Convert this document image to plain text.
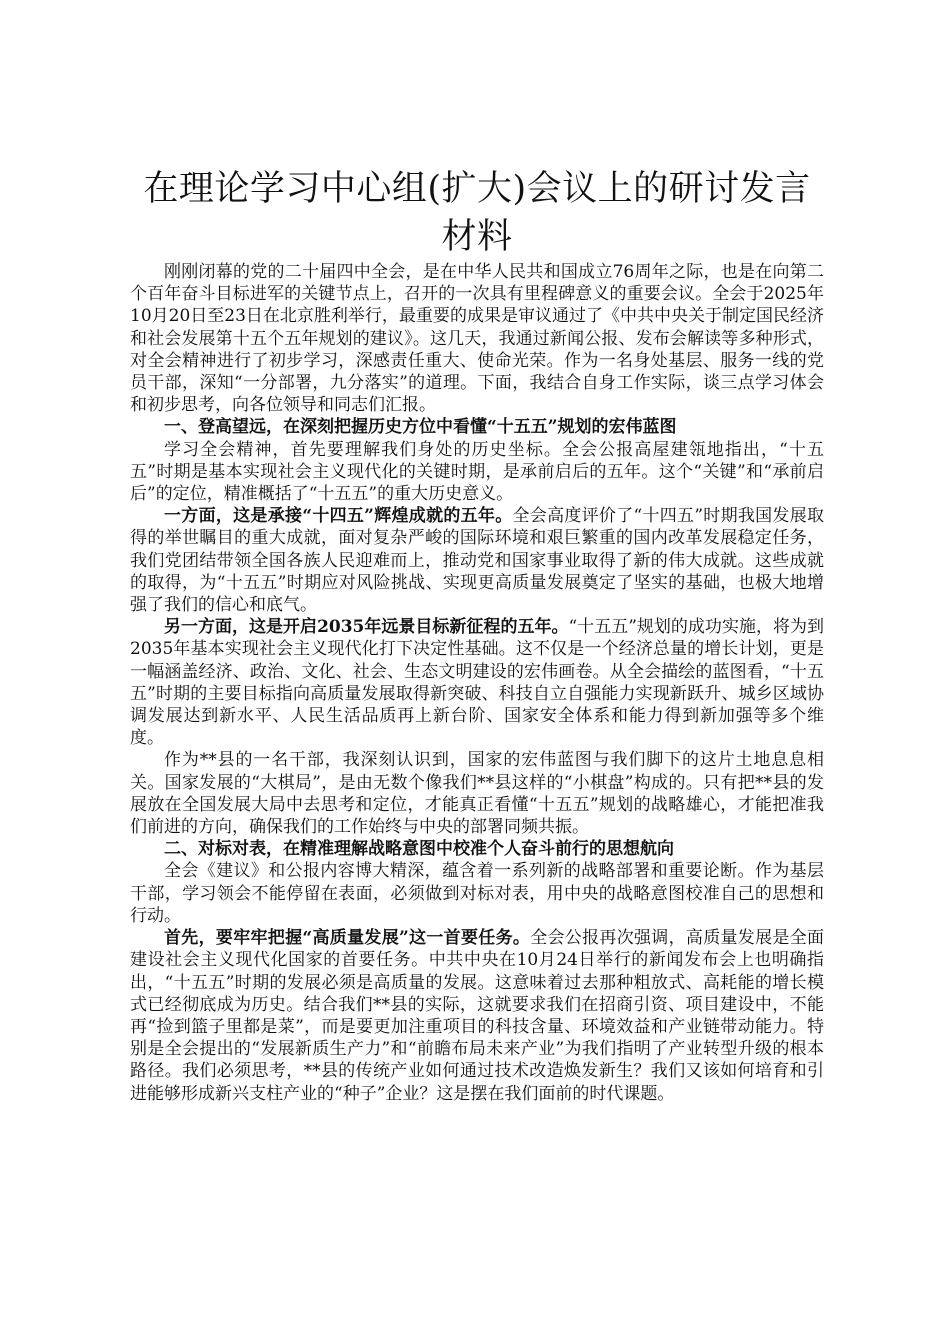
在理论学习中心组(扩大)会议上的研讨发言材料

刚刚闭幕的党的二十届四中全会，是在中华人民共和国成立76周年之际，也是在向第二个百年奋斗目标进军的关键节点上，召开的一次具有里程碑意义的重要会议。全会于2025年10月20日至23日在北京胜利举行，最重要的成果是审议通过了《中共中央关于制定国民经济和社会发展第十五个五年规划的建议》。这几天，我通过新闻公报、发布会解读等多种形式，对全会精神进行了初步学习，深感责任重大、使命光荣。作为一名身处基层、服务一线的党员干部，深知“一分部署，九分落实”的道理。下面，我结合自身工作实际，谈三点学习体会和初步思考，向各位领导和同志们汇报。

一、登高望远，在深刻把握历史方位中看懂“十五五”规划的宏伟蓝图

学习全会精神，首先要理解我们身处的历史坐标。全会公报高屋建瓴地指出，“十五五”时期是基本实现社会主义现代化的关键时期，是承前启后的五年。这个“关键”和“承前启后”的定位，精准概括了“十五五”的重大历史意义。

一方面，这是承接“十四五”辉煌成就的五年。全会高度评价了“十四五”时期我国发展取得的举世瞩目的重大成就，面对复杂严峻的国际环境和艰巨繁重的国内改革发展稳定任务，我们党团结带领全国各族人民迎难而上，推动党和国家事业取得了新的伟大成就。这些成就的取得，为“十五五”时期应对风险挑战、实现更高质量发展奠定了坚实的基础，也极大地增强了我们的信心和底气。

另一方面，这是开启2035年远景目标新征程的五年。“十五五”规划的成功实施，将为到2035年基本实现社会主义现代化打下决定性基础。这不仅是一个经济总量的增长计划，更是一幅涵盖经济、政治、文化、社会、生态文明建设的宏伟画卷。从全会描绘的蓝图看，“十五五”时期的主要目标指向高质量发展取得新突破、科技自立自强能力实现新跃升、城乡区域协调发展达到新水平、人民生活品质再上新台阶、国家安全体系和能力得到新加强等多个维度。

作为**县的一名干部，我深刻认识到，国家的宏伟蓝图与我们脚下的这片土地息息相关。国家发展的“大棋局”，是由无数个像我们**县这样的“小棋盘”构成的。只有把**县的发展放在全国发展大局中去思考和定位，才能真正看懂“十五五”规划的战略雄心，才能把准我们前进的方向，确保我们的工作始终与中央的部署同频共振。

二、对标对表，在精准理解战略意图中校准个人奋斗前行的思想航向

全会《建议》和公报内容博大精深，蕴含着一系列新的战略部署和重要论断。作为基层干部，学习领会不能停留在表面，必须做到对标对表，用中央的战略意图校准自己的思想和行动。

首先，要牢牢把握“高质量发展”这一首要任务。全会公报再次强调，高质量发展是全面建设社会主义现代化国家的首要任务。中共中央在10月24日举行的新闻发布会上也明确指出，“十五五”时期的发展必须是高质量的发展。这意味着过去那种粗放式、高耗能的增长模式已经彻底成为历史。结合我们**县的实际，这就要求我们在招商引资、项目建设中，不能再“捡到篮子里都是菜”，而是要更加注重项目的科技含量、环境效益和产业链带动能力。特别是全会提出的“发展新质生产力”和“前瞻布局未来产业”为我们指明了产业转型升级的根本路径。我们必须思考，**县的传统产业如何通过技术改造焕发新生？我们又该如何培育和引进能够形成新兴支柱产业的“种子”企业？这是摆在我们面前的时代课题。
